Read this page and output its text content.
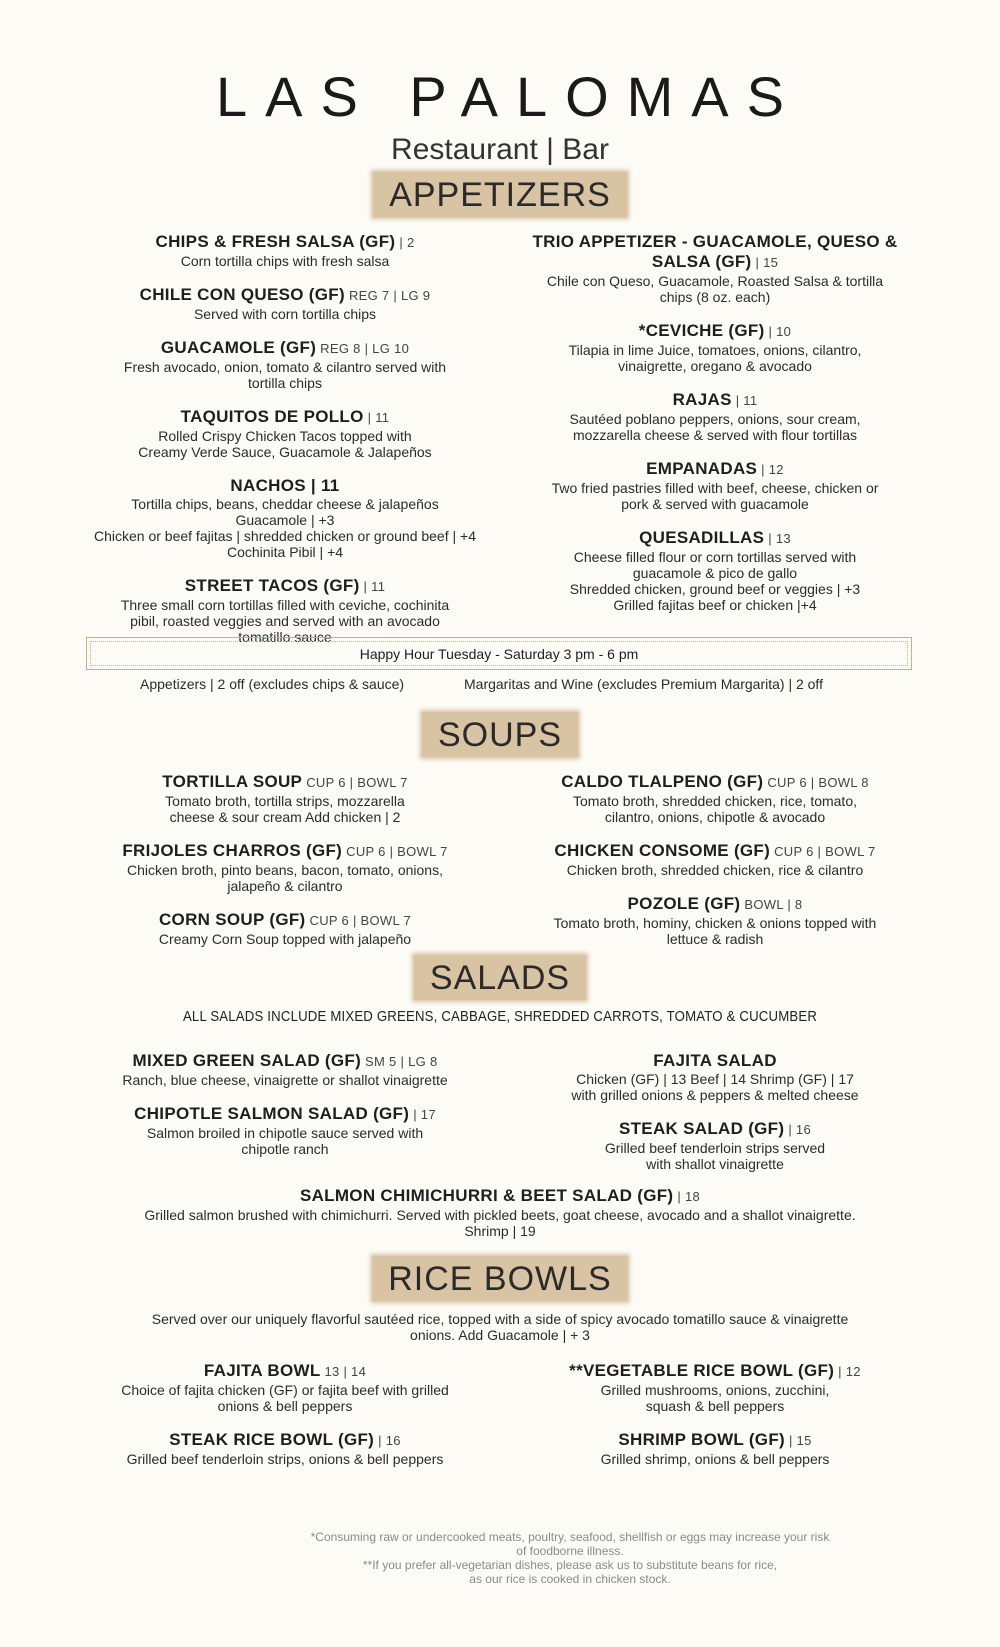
LAS PALOMAS
Restaurant | Bar
APPETIZERS
CHIPS & FRESH SALSA (GF) | 2
Corn tortilla chips with fresh salsa
CHILE CON QUESO (GF) REG 7 | LG 9
Served with corn tortilla chips
GUACAMOLE (GF) REG 8 | LG 10
Fresh avocado, onion, tomato & cilantro served with
tortilla chips
TAQUITOS DE POLLO | 11
Rolled Crispy Chicken Tacos topped with
Creamy Verde Sauce, Guacamole & Jalapeños
NACHOS | 11
Tortilla chips, beans, cheddar cheese & jalapeños
Guacamole | +3
Chicken or beef fajitas | shredded chicken or ground beef | +4
Cochinita Pibil | +4
STREET TACOS (GF) | 11
Three small corn tortillas filled with ceviche, cochinita
pibil, roasted veggies and served with an avocado
tomatillo sauce
TRIO APPETIZER - GUACAMOLE, QUESO &
SALSA (GF) | 15
Chile con Queso, Guacamole, Roasted Salsa & tortilla
chips (8 oz. each)
*CEVICHE (GF) | 10
Tilapia in lime Juice, tomatoes, onions, cilantro,
vinaigrette, oregano & avocado
RAJAS | 11
Sautéed poblano peppers, onions, sour cream,
mozzarella cheese & served with flour tortillas
EMPANADAS | 12
Two fried pastries filled with beef, cheese, chicken or
pork & served with guacamole
QUESADILLAS | 13
Cheese filled flour or corn tortillas served with
guacamole & pico de gallo
Shredded chicken, ground beef or veggies | +3
Grilled fajitas beef or chicken |+4
Happy Hour Tuesday - Saturday 3 pm - 6 pm
Appetizers | 2 off (excludes chips & sauce)	Margaritas and Wine (excludes Premium Margarita) | 2 off
SOUPS
TORTILLA SOUP CUP 6 | BOWL 7
Tomato broth, tortilla strips, mozzarella
cheese & sour cream Add chicken | 2
FRIJOLES CHARROS (GF) CUP 6 | BOWL 7
Chicken broth, pinto beans, bacon, tomato, onions,
jalapeño & cilantro
CORN SOUP (GF) CUP 6 | BOWL 7
Creamy Corn Soup topped with jalapeño
CALDO TLALPENO (GF) CUP 6 | BOWL 8
Tomato broth, shredded chicken, rice, tomato,
cilantro, onions, chipotle & avocado
CHICKEN CONSOME (GF) CUP 6 | BOWL 7
Chicken broth, shredded chicken, rice & cilantro
POZOLE (GF) BOWL | 8
Tomato broth, hominy, chicken & onions topped with
lettuce & radish
SALADS
ALL SALADS INCLUDE MIXED GREENS, CABBAGE, SHREDDED CARROTS, TOMATO & CUCUMBER
MIXED GREEN SALAD (GF) SM 5 | LG 8
Ranch, blue cheese, vinaigrette or shallot vinaigrette
CHIPOTLE SALMON SALAD (GF) | 17
Salmon broiled in chipotle sauce served with
chipotle ranch
FAJITA SALAD
Chicken (GF) | 13 Beef | 14 Shrimp (GF) | 17
with grilled onions & peppers & melted cheese
STEAK SALAD (GF) | 16
Grilled beef tenderloin strips served
with shallot vinaigrette
SALMON CHIMICHURRI & BEET SALAD (GF) | 18
Grilled salmon brushed with chimichurri. Served with pickled beets, goat cheese, avocado and a shallot vinaigrette.
Shrimp | 19
RICE BOWLS
Served over our uniquely flavorful sautéed rice, topped with a side of spicy avocado tomatillo sauce & vinaigrette
onions. Add Guacamole | + 3
FAJITA BOWL 13 | 14
Choice of fajita chicken (GF) or fajita beef with grilled
onions & bell peppers
STEAK RICE BOWL (GF) | 16
Grilled beef tenderloin strips, onions & bell peppers
**VEGETABLE RICE BOWL (GF) | 12
Grilled mushrooms, onions, zucchini,
squash & bell peppers
SHRIMP BOWL (GF) | 15
Grilled shrimp, onions & bell peppers
*Consuming raw or undercooked meats, poultry, seafood, shellfish or eggs may increase your risk
of foodborne illness.
**If you prefer all-vegetarian dishes, please ask us to substitute beans for rice,
as our rice is cooked in chicken stock.
